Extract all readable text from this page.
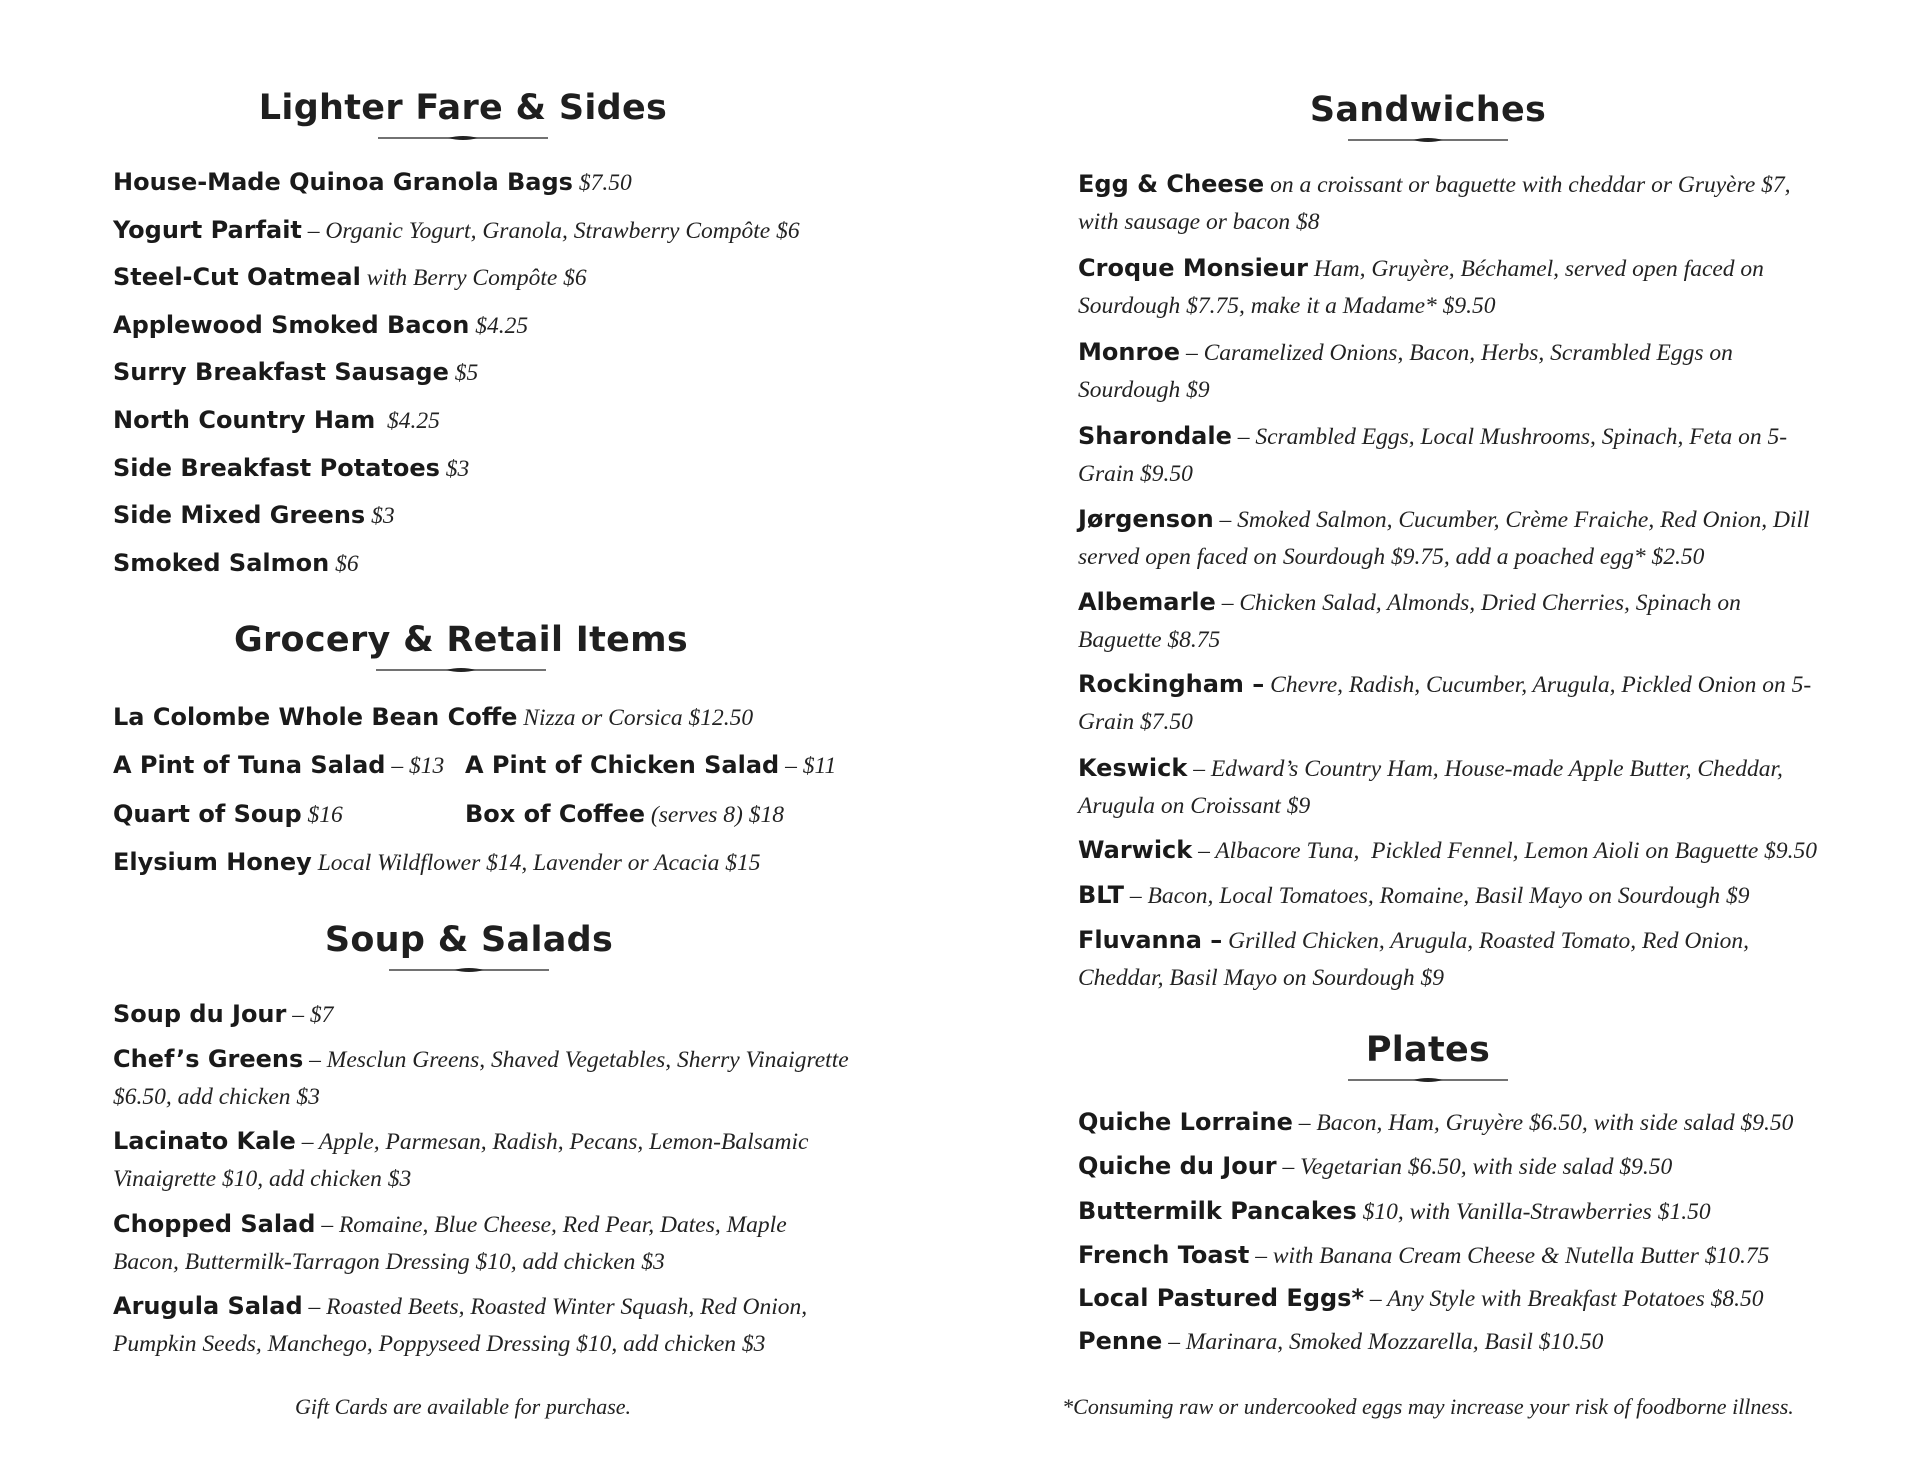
Lighter Fare & Sides
House-Made Quinoa Granola Bags $7.50
Yogurt Parfait – Organic Yogurt, Granola, Strawberry Compôte $6
Steel-Cut Oatmeal with Berry Compôte $6
Applewood Smoked Bacon $4.25
Surry Breakfast Sausage $5
North Country Ham  $4.25
Side Breakfast Potatoes $3
Side Mixed Greens $3
Smoked Salmon $6
Grocery & Retail Items
La Colombe Whole Bean Coffe Nizza or Corsica $12.50
A Pint of Tuna Salad – $13 A Pint of Chicken Salad – $11
Quart of Soup $16	Box of Coffee (serves 8) $18
Elysium Honey Local Wildflower $14, Lavender or Acacia $15
Soup & Salads
Soup du Jour – $7
Chef’s Greens – Mesclun Greens, Shaved Vegetables, Sherry Vinaigrette $6.50, add chicken $3
Lacinato Kale – Apple, Parmesan, Radish, Pecans, Lemon-Balsamic Vinaigrette $10, add chicken $3
Chopped Salad – Romaine, Blue Cheese, Red Pear, Dates, Maple Bacon, Buttermilk-Tarragon Dressing $10, add chicken $3
Arugula Salad – Roasted Beets, Roasted Winter Squash, Red Onion, Pumpkin Seeds, Manchego, Poppyseed Dressing $10, add chicken $3
Gift Cards are available for purchase.
Sandwiches
Egg & Cheese on a croissant or baguette with cheddar or Gruyère $7, with sausage or bacon $8
Croque Monsieur Ham, Gruyère, Béchamel, served open faced on Sourdough $7.75, make it a Madame* $9.50
Monroe – Caramelized Onions, Bacon, Herbs, Scrambled Eggs on Sourdough $9
Sharondale – Scrambled Eggs, Local Mushrooms, Spinach, Feta on 5-Grain $9.50
Jørgenson – Smoked Salmon, Cucumber, Crème Fraiche, Red Onion, Dill served open faced on Sourdough $9.75, add a poached egg* $2.50
Albemarle – Chicken Salad, Almonds, Dried Cherries, Spinach on Baguette $8.75
Rockingham – Chevre, Radish, Cucumber, Arugula, Pickled Onion on 5-Grain $7.50
Keswick – Edward’s Country Ham, House-made Apple Butter, Cheddar, Arugula on Croissant $9
Warwick – Albacore Tuna,  Pickled Fennel, Lemon Aioli on Baguette $9.50
BLT – Bacon, Local Tomatoes, Romaine, Basil Mayo on Sourdough $9
Fluvanna – Grilled Chicken, Arugula, Roasted Tomato, Red Onion, Cheddar, Basil Mayo on Sourdough $9
Plates
Quiche Lorraine – Bacon, Ham, Gruyère $6.50, with side salad $9.50
Quiche du Jour – Vegetarian $6.50, with side salad $9.50
Buttermilk Pancakes $10, with Vanilla-Strawberries $1.50
French Toast – with Banana Cream Cheese & Nutella Butter $10.75
Local Pastured Eggs* – Any Style with Breakfast Potatoes $8.50
Penne – Marinara, Smoked Mozzarella, Basil $10.50
*Consuming raw or undercooked eggs may increase your risk of foodborne illness.
